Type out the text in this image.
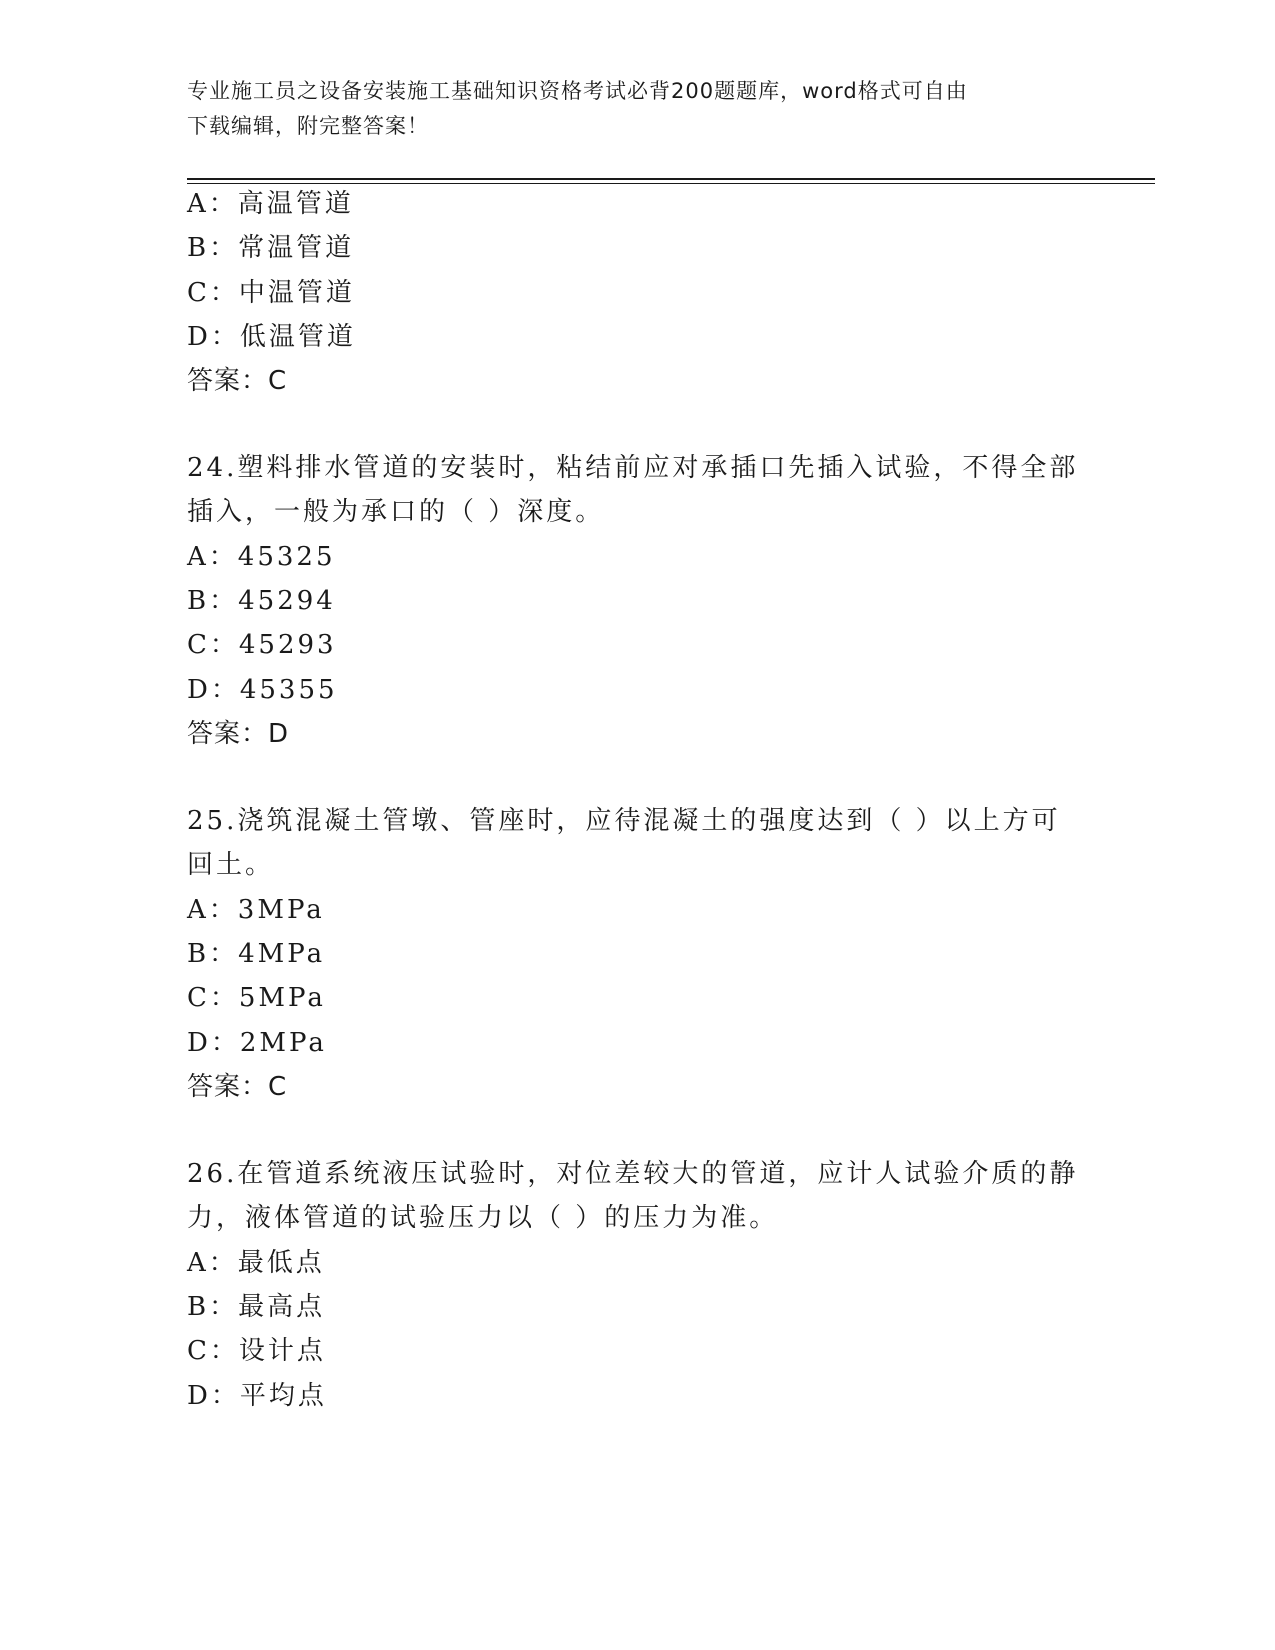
专业施工员之设备安装施工基础知识资格考试必背200题题库，word格式可自由
下载编辑，附完整答案！
A：高温管道
B：常温管道
C：中温管道
D：低温管道
答案：C
24.塑料排水管道的安装时，粘结前应对承插口先插入试验，不得全部
插入，一般为承口的（ ）深度。
A：45325
B：45294
C：45293
D：45355
答案：D
25.浇筑混凝土管墩、管座时，应待混凝土的强度达到（ ）以上方可
回土。
A：3MPa
B：4MPa
C：5MPa
D：2MPa
答案：C
26.在管道系统液压试验时，对位差较大的管道，应计人试验介质的静
力，液体管道的试验压力以（ ）的压力为准。
A：最低点
B：最高点
C：设计点
D：平均点
